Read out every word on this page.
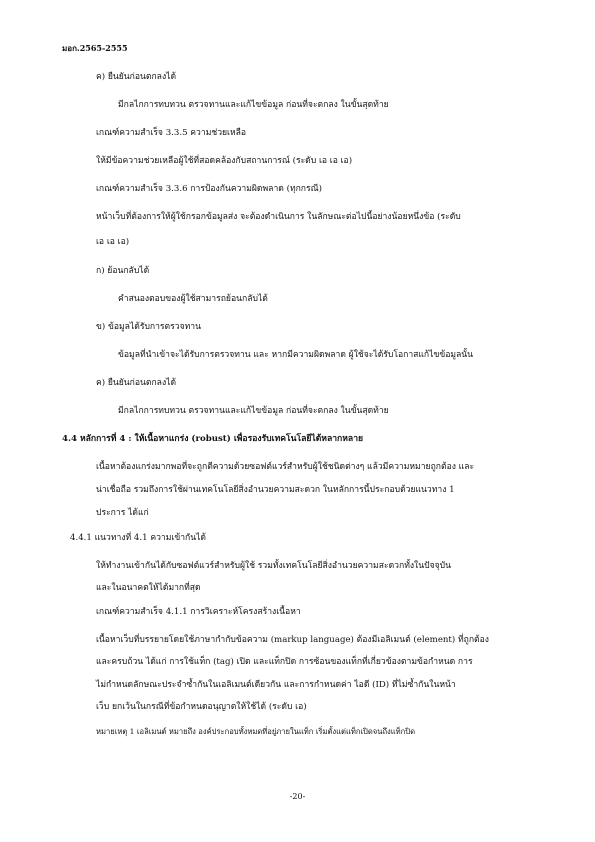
มอก.2565-2555
ค) ยืนยันก่อนตกลงได้
มีกลไกการทบทวน ตรวจทานและแก้ไขข้อมูล ก่อนที่จะตกลง ในขั้นสุดท้าย
เกณฑ์ความสำเร็จ 3.3.5 ความช่วยเหลือ
ให้มีข้อความช่วยเหลือผู้ใช้ที่สอดคล้องกับสถานการณ์ (ระดับ เอ เอ เอ)
เกณฑ์ความสำเร็จ 3.3.6 การป้องกันความผิดพลาด (ทุกกรณี)
หน้าเว็บที่ต้องการให้ผู้ใช้กรอกข้อมูลส่ง จะต้องดำเนินการ ในลักษณะต่อไปนี้อย่างน้อยหนึ่งข้อ (ระดับ
เอ เอ เอ)
ก) ย้อนกลับได้
คำสนองตอบของผู้ใช้สามารถย้อนกลับได้
ข) ข้อมูลได้รับการตรวจทาน
ข้อมูลที่นำเข้าจะได้รับการตรวจทาน และ หากมีความผิดพลาด ผู้ใช้จะได้รับโอกาสแก้ไขข้อมูลนั้น
ค) ยืนยันก่อนตกลงได้
มีกลไกการทบทวน ตรวจทานและแก้ไขข้อมูล ก่อนที่จะตกลง ในขั้นสุดท้าย
4.4 หลักการที่ 4 : ให้เนื้อหาแกร่ง (robust) เพื่อรองรับเทคโนโลยีได้หลากหลาย
เนื้อหาต้องแกร่งมากพอที่จะถูกตีความด้วยซอฟต์แวร์สำหรับผู้ใช้ชนิดต่างๆ แล้วมีความหมายถูกต้อง และ
น่าเชื่อถือ รวมถึงการใช้ผ่านเทคโนโลยีสิ่งอำนวยความสะดวก ในหลักการนี้ประกอบด้วยแนวทาง 1
ประการ ได้แก่
4.4.1 แนวทางที่ 4.1 ความเข้ากันได้
ให้ทำงานเข้ากันได้กับซอฟต์แวร์สำหรับผู้ใช้ รวมทั้งเทคโนโลยีสิ่งอำนวยความสะดวกทั้งในปัจจุบัน
และในอนาคตให้ได้มากที่สุด
เกณฑ์ความสำเร็จ 4.1.1 การวิเคราะห์โครงสร้างเนื้อหา
เนื้อหาเว็บที่บรรยายโดยใช้ภาษากำกับข้อความ (markup language) ต้องมีเอลิเมนต์ (element) ที่ถูกต้อง
และครบถ้วน ได้แก่ การใช้แท็ก (tag) เปิด และแท็กปิด การซ้อนของแท็กที่เกี่ยวข้องตามข้อกำหนด การ
ไม่กำหนดลักษณะประจำซ้ำกันในเอลิเมนต์เดียวกัน และการกำหนดค่า ไอดี (ID) ที่ไม่ซ้ำกันในหน้า
เว็บ ยกเว้นในกรณีที่ข้อกำหนดอนุญาตให้ใช้ได้ (ระดับ เอ)
หมายเหตุ 1 เอลิเมนต์ หมายถึง องค์ประกอบทั้งหมดที่อยู่ภายในแท็ก เริ่มตั้งแต่แท็กเปิดจนถึงแท็กปิด
-20-
